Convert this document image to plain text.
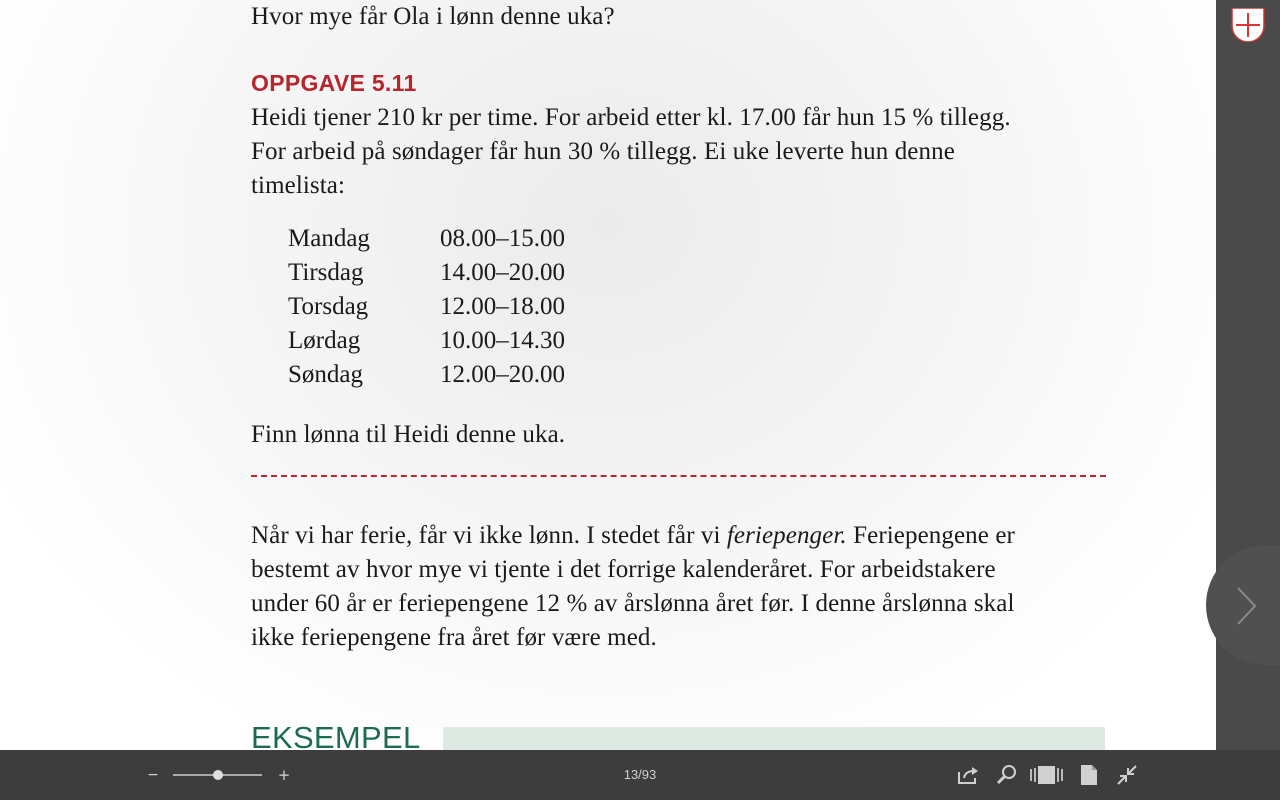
Hvor mye får Ola i lønn denne uka?
OPPGAVE 5.11
Heidi tjener 210 kr per time. For arbeid etter kl. 17.00 får hun 15 % tillegg.
For arbeid på søndager får hun 30 % tillegg. Ei uke leverte hun denne
timelista:
Mandag	08.00–15.00
Tirsdag	14.00–20.00
Torsdag	12.00–18.00
Lørdag	10.00–14.30
Søndag	12.00–20.00
Finn lønna til Heidi denne uka.
Når vi har ferie, får vi ikke lønn. I stedet får vi feriepenger. Feriepengene er
bestemt av hvor mye vi tjente i det forrige kalenderåret. For arbeidstakere
under 60 år er feriepengene 12 % av årslønna året før. I denne årslønna skal
ikke feriepengene fra året før være med.
EKSEMPEL
−	+	13/93
